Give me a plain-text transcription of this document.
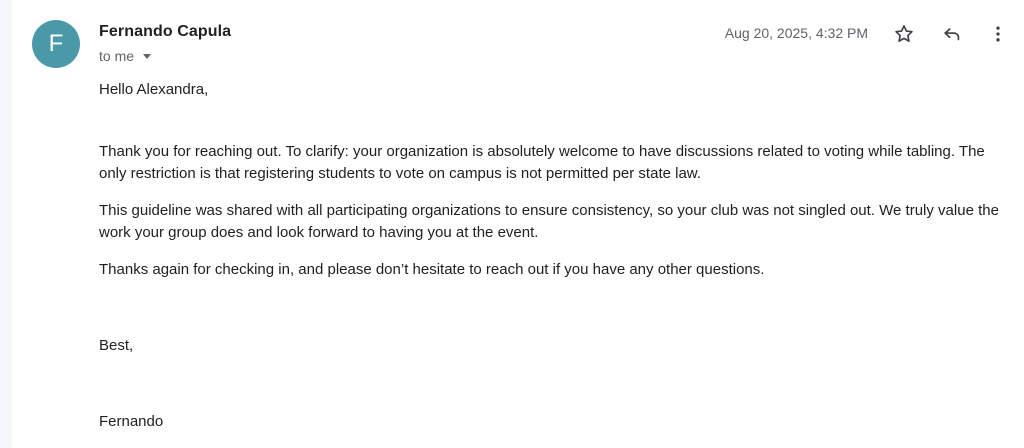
F	Fernando Capula
to me
Aug 20, 2025, 4:32 PM

Hello Alexandra,

Thank you for reaching out. To clarify: your organization is absolutely welcome to have discussions related to voting while tabling. The only restriction is that registering students to vote on campus is not permitted per state law.

This guideline was shared with all participating organizations to ensure consistency, so your club was not singled out. We truly value the work your group does and look forward to having you at the event.

Thanks again for checking in, and please don’t hesitate to reach out if you have any other questions.

Best,

Fernando
